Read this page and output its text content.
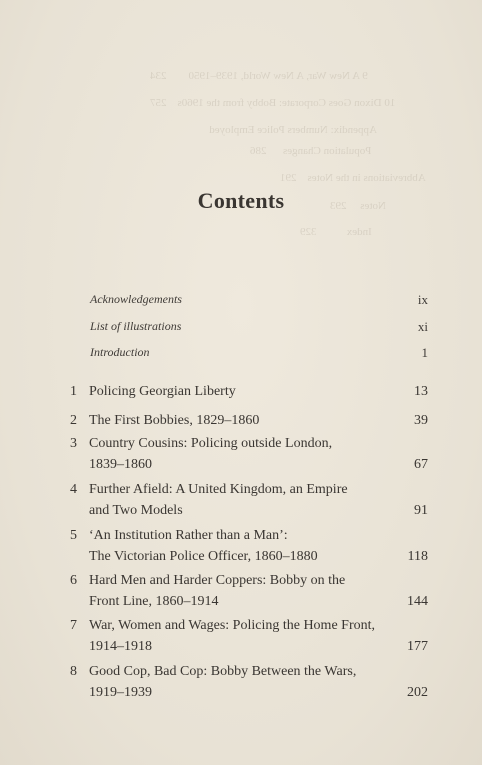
9 A New War, A New World, 1939–1950        234
10 Dixon Goes Corporate: Bobby from the 1960s    257
Appendix: Numbers Police Employed
Population Changes      286
Abbreviations in the Notes    291
Notes     293
Index           329
Contents
Acknowledgements	ix
List of illustrations	xi
Introduction	1
1 Policing Georgian Liberty	13
2 The First Bobbies, 1829–1860	39
3 Country Cousins: Policing outside London,
1839–1860	67
4 Further Afield: A United Kingdom, an Empire
and Two Models	91
5 ‘An Institution Rather than a Man’:
The Victorian Police Officer, 1860–1880	118
6 Hard Men and Harder Coppers: Bobby on the
Front Line, 1860–1914	144
7 War, Women and Wages: Policing the Home Front,
1914–1918	177
8 Good Cop, Bad Cop: Bobby Between the Wars,
1919–1939	202
